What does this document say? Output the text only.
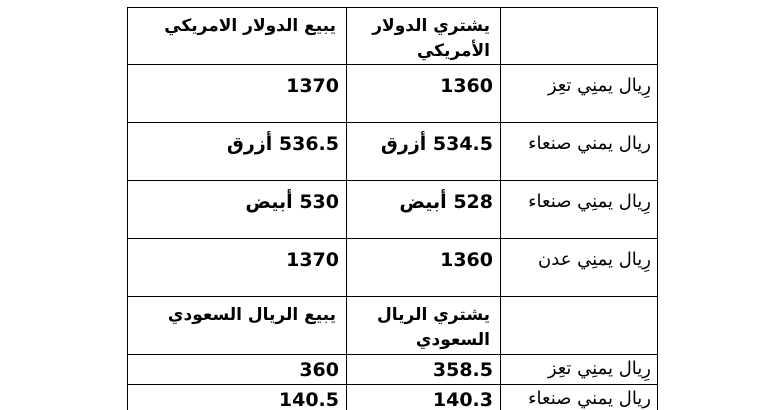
	يشتري الدولار الأمريكي	يبيع الدولار الامريكي

رِيال يمنِي تعِز	1360	1370

ريال يمني صنعاء	534.5 أزرق	536.5 أزرق

رِيال يمنِي صنعاء	528 أبيض	530 أبيض

رِيال يمنِي عدن	1360	1370

	يشتري الريال السعودي	يبيع الريال السعودي

رِيال يمنِي تعِز	358.5	360

ريال يمني صنعاء	140.3	140.5
